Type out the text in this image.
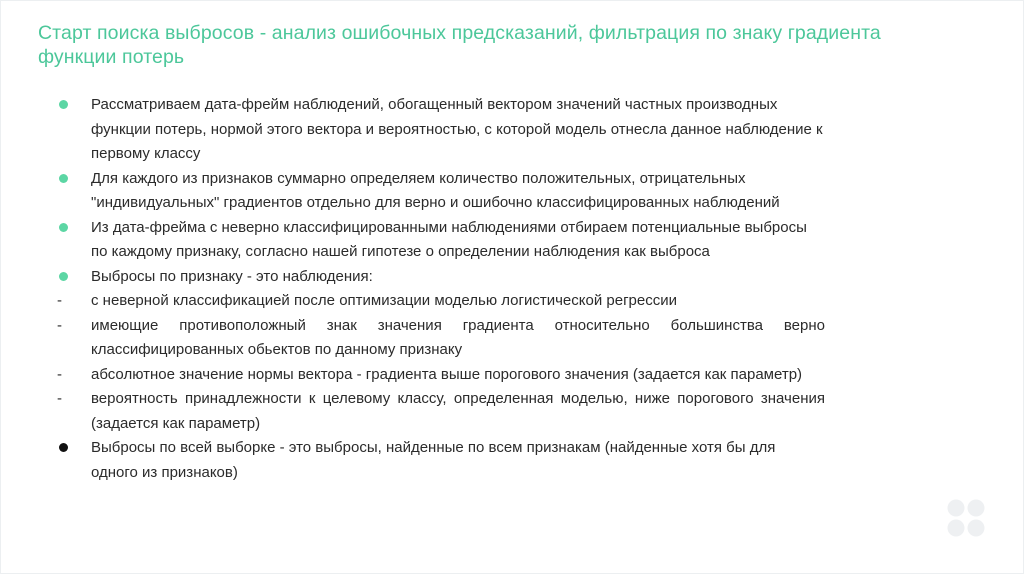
Старт поиска выбросов - анализ ошибочных предсказаний, фильтрация по знаку градиента функции потерь
Рассматриваем дата-фрейм наблюдений, обогащенный вектором значений частных производных функции потерь, нормой этого вектора и вероятностью, с которой модель отнесла данное наблюдение к первому классу
Для каждого из признаков суммарно определяем количество положительных, отрицательных "индивидуальных" градиентов отдельно для верно и ошибочно классифицированных наблюдений
Из дата-фрейма с неверно классифицированными наблюдениями отбираем потенциальные выбросы по каждому признаку, согласно нашей гипотезе о определении наблюдения как выброса
Выбросы по признаку - это наблюдения:
- с неверной классификацией после оптимизации моделью логистической регрессии
- имеющие противоположный знак значения градиента относительно большинства верно классифицированных обьектов по данному признаку
- абсолютное значение нормы вектора - градиента выше порогового значения (задается как параметр)
- вероятность принадлежности к целевому классу, определенная моделью, ниже порогового значения (задается как параметр)
Выбросы по всей выборке - это выбросы, найденные по всем признакам (найденные хотя бы для одного из признаков)
